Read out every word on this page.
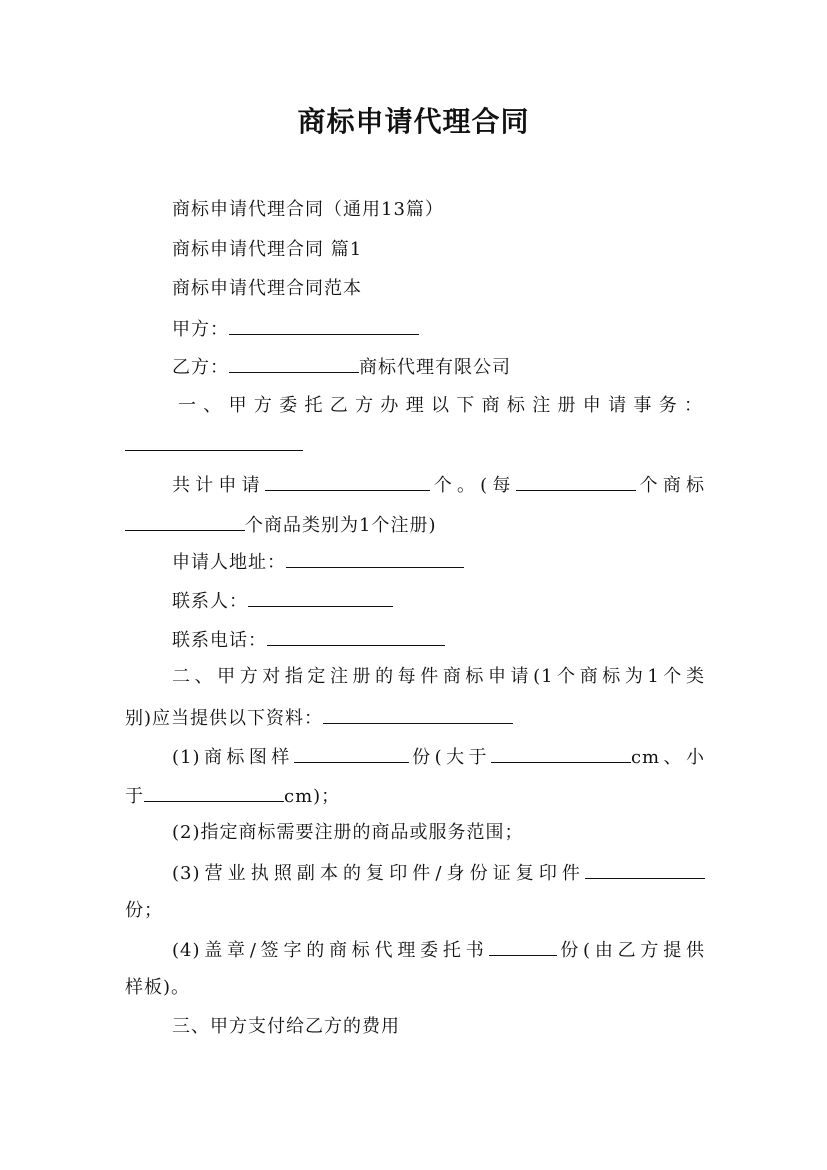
商标申请代理合同
商标申请代理合同（通用13篇）
商标申请代理合同 篇1
商标申请代理合同范本
甲方：
乙方：	商标代理有限公司
一、甲方委托乙方办理以下商标注册申请事务：
共计申请	个。(每	个商标
个商品类别为1个注册)
申请人地址：
联系人：
联系电话：
二、甲方对指定注册的每件商标申请(1个商标为1个类
别)应当提供以下资料：
(1)商标图样	份(大于	cm、小
于	cm)；
(2)指定商标需要注册的商品或服务范围；
(3)营业执照副本的复印件/身份证复印件
份；
(4)盖章/签字的商标代理委托书	份(由乙方提供
样板)。
三、甲方支付给乙方的费用
